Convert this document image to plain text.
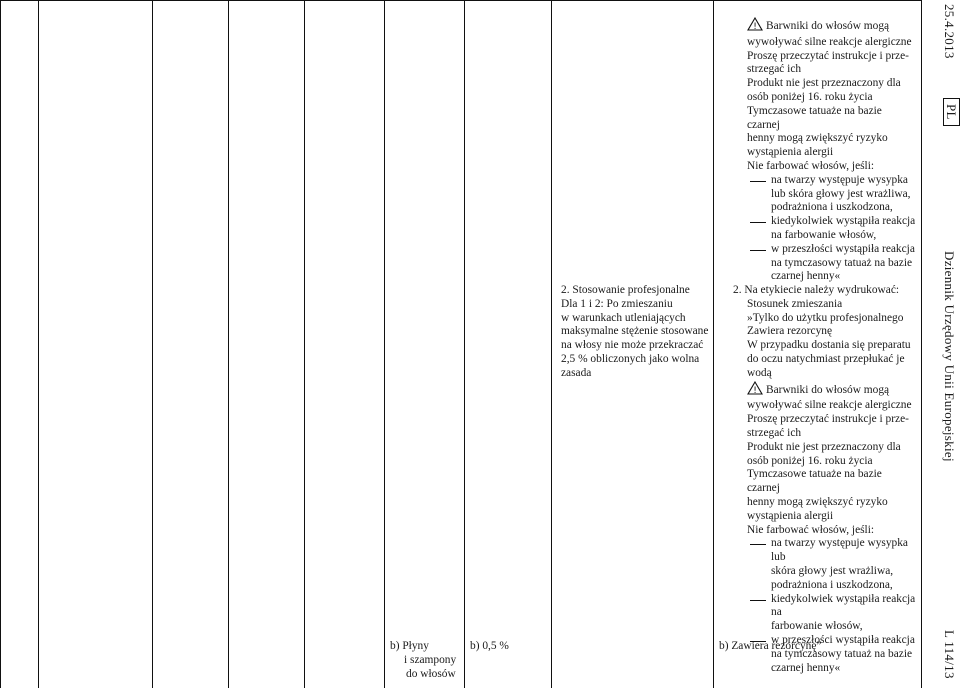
2. Stosowanie profesjonalne

Dla 1 i 2: Po zmieszaniu

w warunkach utleniających

maksymalne stężenie stosowane

na włosy nie może przekraczać

2,5 % obliczonych jako wolna

zasada

! Barwniki do włosów mogą

wywoływać silne reakcje alergiczne

Proszę przeczytać instrukcje i prze-

strzegać ich

Produkt nie jest przeznaczony dla

osób poniżej 16. roku życia

Tymczasowe tatuaże na bazie czarnej

henny mogą zwiększyć ryzyko

wystąpienia alergii

Nie farbować włosów, jeśli:

na twarzy występuje wysypka

lub skóra głowy jest wrażliwa,

podrażniona i uszkodzona,

kiedykolwiek wystąpiła reakcja

na farbowanie włosów,

w przeszłości wystąpiła reakcja

na tymczasowy tatuaż na bazie

czarnej henny«

2. Na etykiecie należy wydrukować:

Stosunek zmieszania

»Tylko do użytku profesjonalnego

Zawiera rezorcynę

W przypadku dostania się preparatu

do oczu natychmiast przepłukać je

wodą

! Barwniki do włosów mogą

wywoływać silne reakcje alergiczne

Proszę przeczytać instrukcje i prze-

strzegać ich

Produkt nie jest przeznaczony dla

osób poniżej 16. roku życia

Tymczasowe tatuaże na bazie czarnej

henny mogą zwiększyć ryzyko

wystąpienia alergii

Nie farbować włosów, jeśli:

na twarzy występuje wysypka lub

skóra głowy jest wrażliwa,

podrażniona i uszkodzona,

kiedykolwiek wystąpiła reakcja na

farbowanie włosów,

w przeszłości wystąpiła reakcja

na tymczasowy tatuaż na bazie

czarnej henny«

b) Płyny
i szampony
do włosów
b) 0,5 %	b) Zawiera rezorcynę”
25.4.2013
PL
Dziennik Urzędowy Unii Europejskiej
L 114/13
